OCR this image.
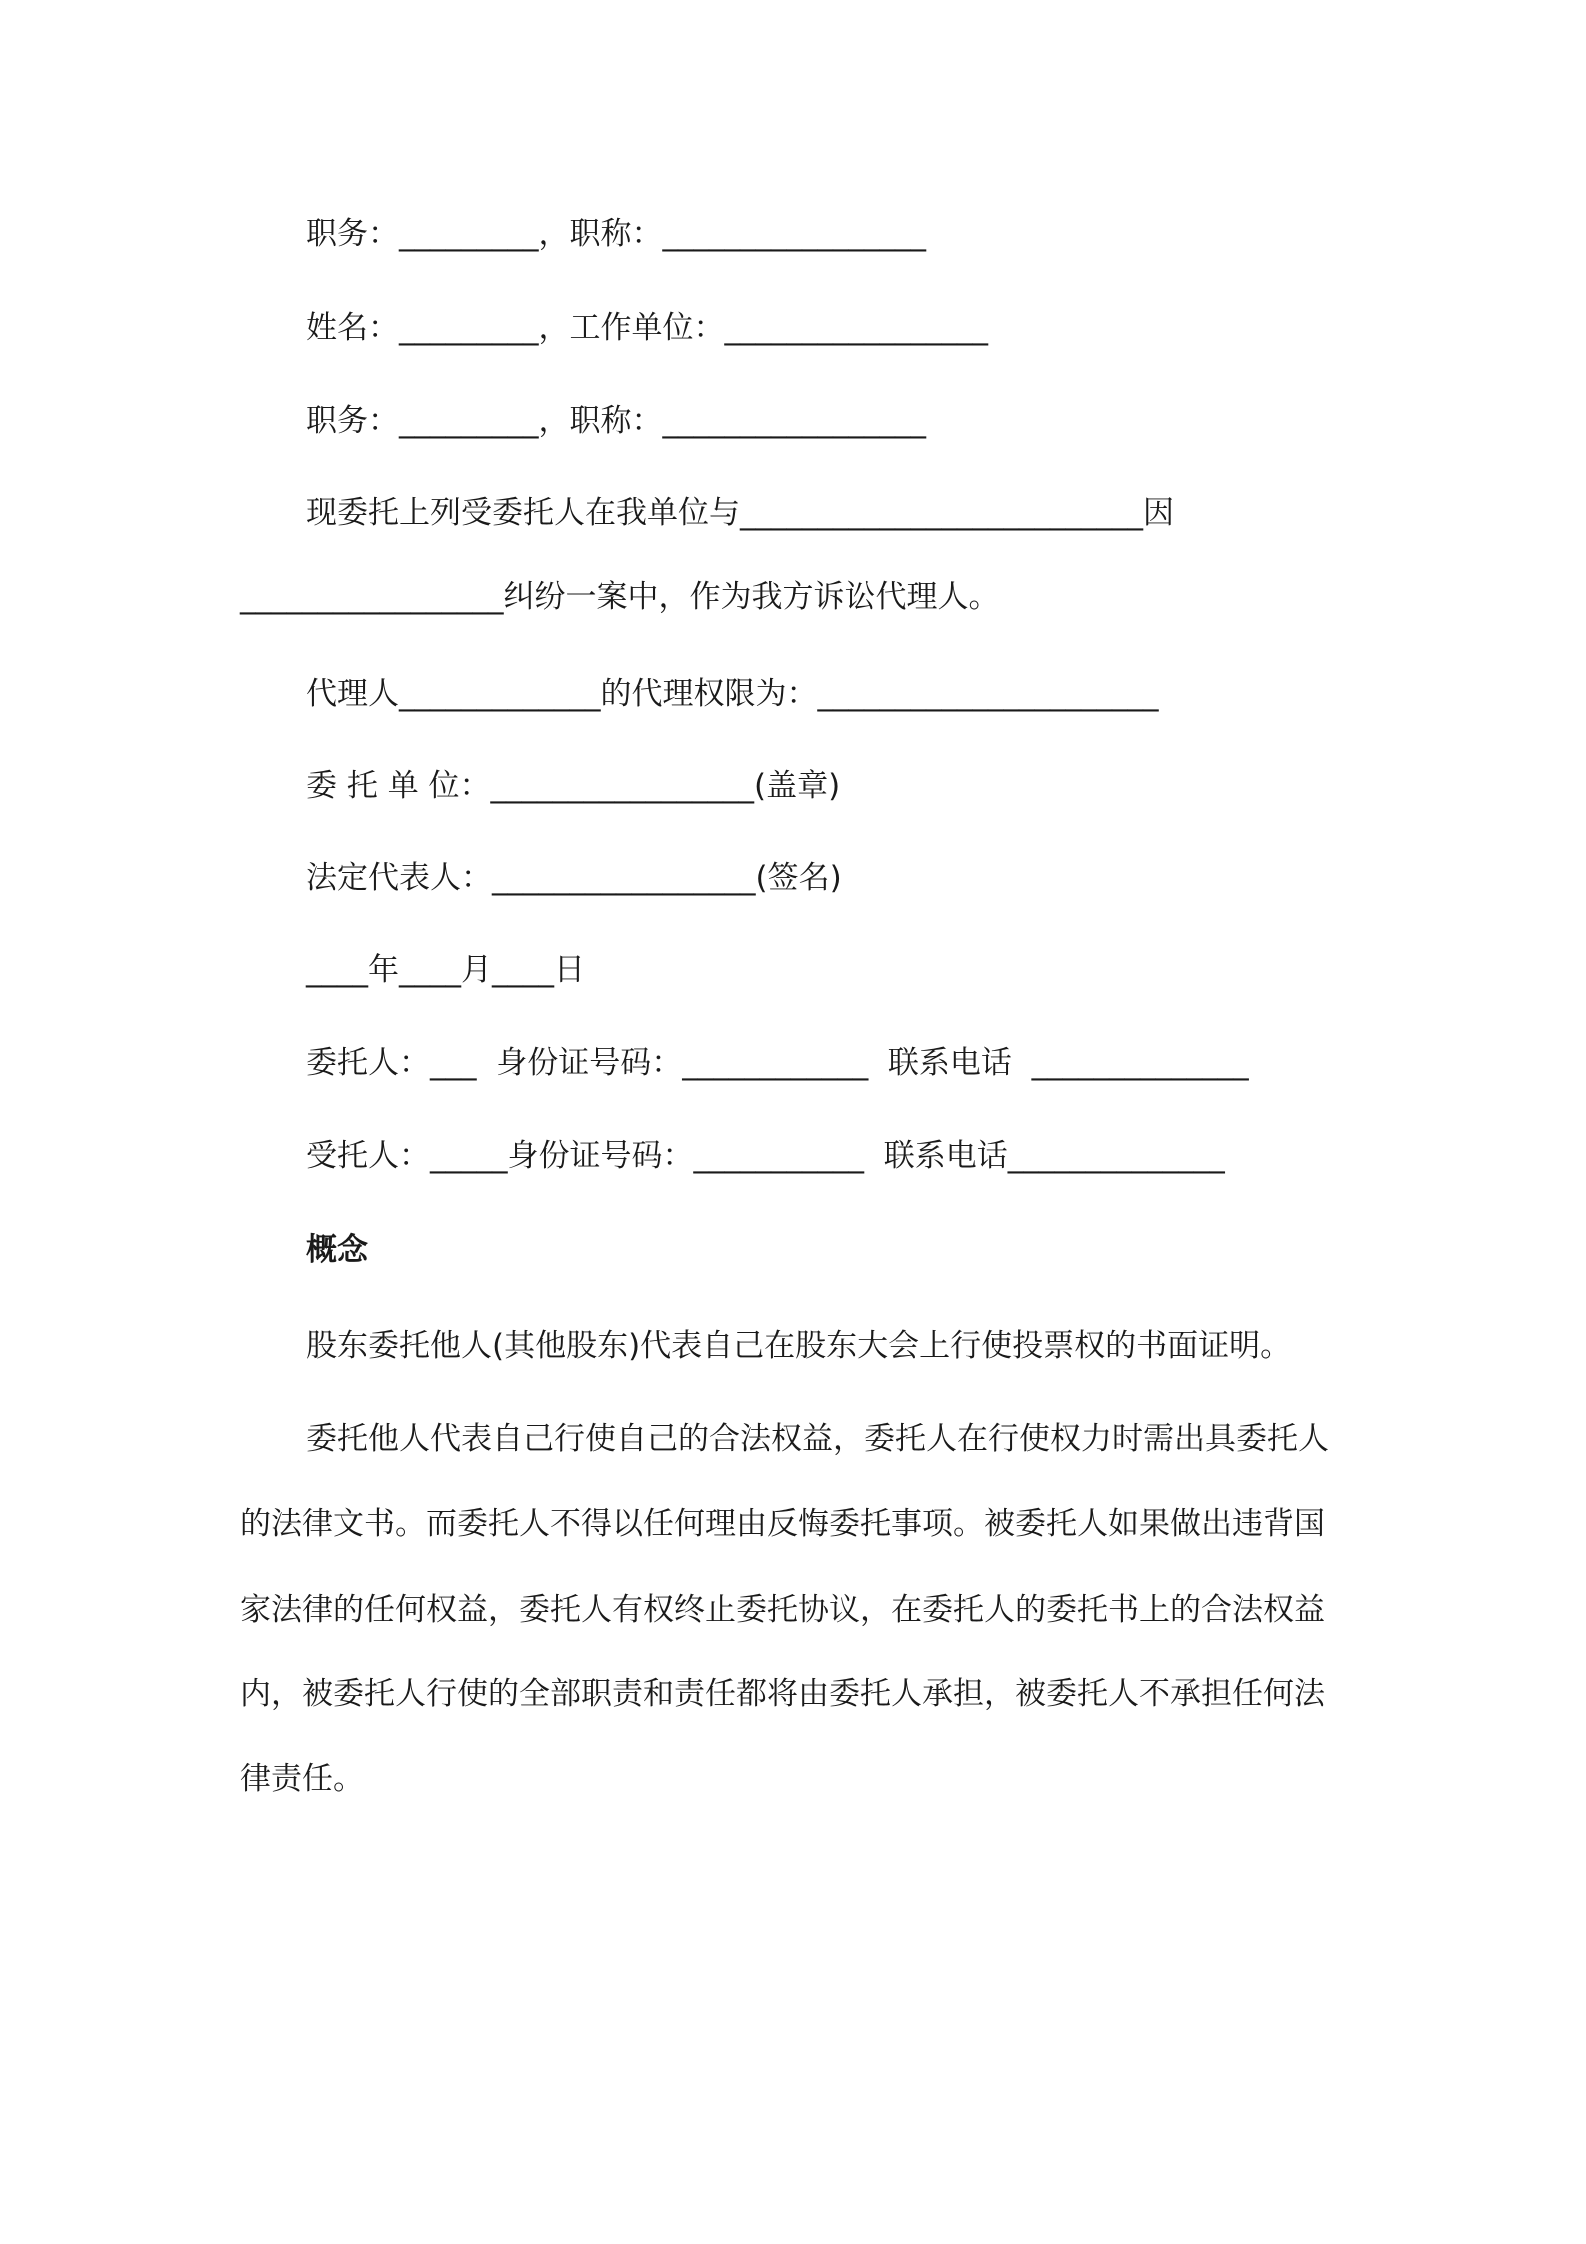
职务：_________，职称：_________________
姓名：_________，工作单位：_________________
职务：_________，职称：_________________
现委托上列受委托人在我单位与__________________________因
_________________纠纷一案中，作为我方诉讼代理人。
代理人_____________的代理权限为：______________________
委 托 单 位：_________________(盖章)
法定代表人：_________________(签名)
____年____月____日
委托人：___  身份证号码：____________  联系电话  ______________
受托人：_____身份证号码：___________  联系电话______________
概念
股东委托他人(其他股东)代表自己在股东大会上行使投票权的书面证明。
委托他人代表自己行使自己的合法权益，委托人在行使权力时需出具委托人
的法律文书。而委托人不得以任何理由反悔委托事项。被委托人如果做出违背国
家法律的任何权益，委托人有权终止委托协议，在委托人的委托书上的合法权益
内，被委托人行使的全部职责和责任都将由委托人承担，被委托人不承担任何法
律责任。
